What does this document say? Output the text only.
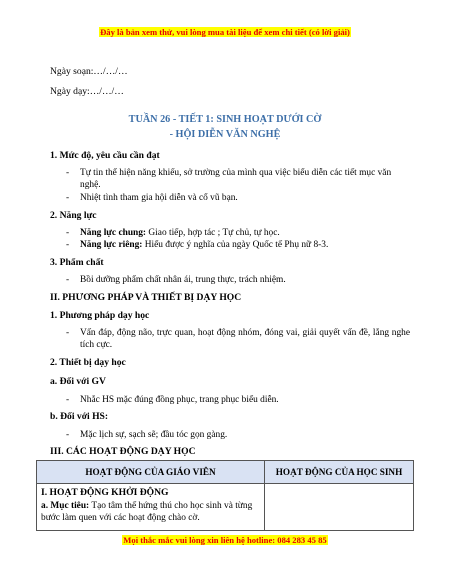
Đây là bản xem thử, vui lòng mua tài liệu để xem chi tiết (có lời giải)
Ngày soạn:…/…/…
Ngày dạy:…/…/…
TUẦN 26 - TIẾT 1: SINH HOẠT DƯỚI CỜ
- HỘI DIỄN VĂN NGHỆ
1. Mức độ, yêu cầu cần đạt
- Tự tin thể hiện năng khiếu, sở trường của mình qua việc biểu diễn các tiết mục văn nghệ.
- Nhiệt tình tham gia hội diễn và cổ vũ bạn.
2. Năng lực
- Năng lực chung: Giao tiếp, hợp tác ; Tự chủ, tự học.
- Năng lực riêng: Hiểu được ý nghĩa của ngày Quốc tế Phụ nữ 8-3.
3. Phẩm chất
- Bồi dưỡng phẩm chất nhân ái, trung thực, trách nhiệm.
II. PHƯƠNG PHÁP VÀ THIẾT BỊ DẠY HỌC
1. Phương pháp dạy học
- Vấn đáp, động não, trực quan, hoạt động nhóm, đóng vai, giải quyết vấn đề, lắng nghe tích cực.
2. Thiết bị dạy học
a. Đối với GV
- Nhắc HS mặc đúng đồng phục, trang phục biểu diễn.
b. Đối với HS:
- Mặc lịch sự, sạch sẽ; đầu tóc gọn gàng.
III. CÁC HOẠT ĐỘNG DẠY HỌC
HOẠT ĐỘNG CỦA GIÁO VIÊN	HOẠT ĐỘNG CỦA HỌC SINH

I. HOẠT ĐỘNG KHỞI ĐỘNG
a. Mục tiêu: Tạo tâm thế hứng thú cho học sinh và từng bước làm quen với các hoạt động chào cờ.	

Mọi thắc mắc vui lòng xin liên hệ hotline: 084 283 45 85
